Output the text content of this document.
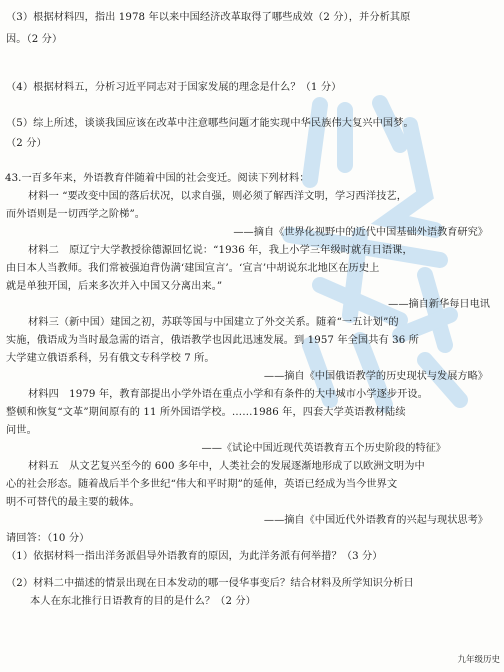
（3）根据材料四，指出 1978 年以来中国经济改革取得了哪些成效（2 分），并分析其原
因。（2 分）
（4）根据材料五，分析习近平同志对于国家发展的理念是什么？（1 分）
（5）综上所述，谈谈我国应该在改革中注意哪些问题才能实现中华民族伟大复兴中国梦。
（2 分）
43.一百多年来，外语教育伴随着中国的社会变迁。阅读下列材料：
材料一 “要改变中国的落后状况，以求自强，则必须了解西洋文明，学习西洋技艺，
而外语则是一切西学之阶梯”。
——摘自《世界化视野中的近代中国基础外语教育研究》
材料二　原辽宁大学教授徐德源回忆说：“1936 年，我上小学三年级时就有日语课，
由日本人当教师。我们常被强迫背伪满‘建国宣言’。‘宣言’中胡说东北地区在历史上
就是单独开国，后来多次并入中国又分离出来。”
——摘自新华每日电讯
材料三（新中国）建国之初，苏联等国与中国建立了外交关系。随着“一五计划”的
实施，俄语成为当时最急需的语言，俄语教学也因此迅速发展。到 1957 年全国共有 36 所
大学建立俄语系科，另有俄文专科学校 7 所。
——摘自《中国俄语教学的历史现状与发展方略》
材料四　1979 年，教育部提出小学外语在重点小学和有条件的大中城市小学逐步开设。
整顿和恢复“文革”期间原有的 11 所外国语学校。……1986 年，四套大学英语教材陆续
问世。
——《试论中国近现代英语教育五个历史阶段的特征》
材料五　从文艺复兴至今的 600 多年中，人类社会的发展逐渐地形成了以欧洲文明为中
心的社会形态。随着战后半个多世纪“伟大和平时期”的延伸，英语已经成为当今世界文
明不可替代的最主要的载体。
——摘自《中国近代外语教育的兴起与现状思考》
请回答：（10 分）
（1）依据材料一指出洋务派倡导外语教育的原因，为此洋务派有何举措？（3 分）
（2）材料二中描述的情景出现在日本发动的哪一侵华事变后？结合材料及所学知识分析日
本人在东北推行日语教育的目的是什么？（2 分）
九年级历史
